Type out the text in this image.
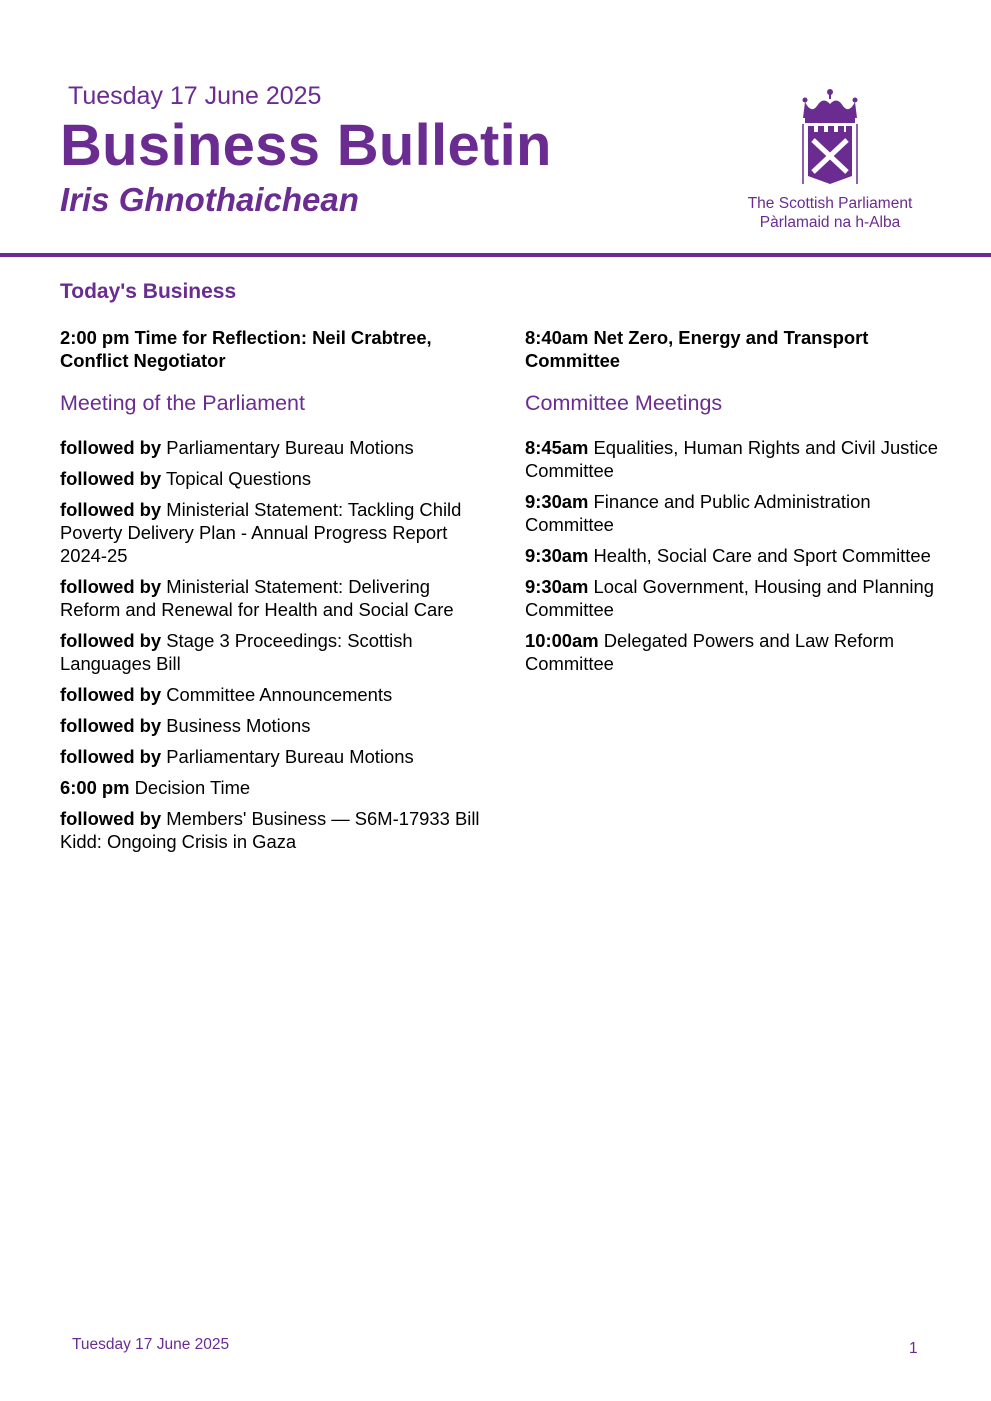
Tuesday 17 June 2025
Business Bulletin
Iris Ghnothaichean	The Scottish Parliament
Pàrlamaid na h-Alba
Today's Business
2:00 pm Time for Reflection: Neil Crabtree, Conflict Negotiator
Meeting of the Parliament
followed by Parliamentary Bureau Motions
followed by Topical Questions
followed by Ministerial Statement: Tackling Child Poverty Delivery Plan - Annual Progress Report 2024-25
followed by Ministerial Statement: Delivering Reform and Renewal for Health and Social Care
followed by Stage 3 Proceedings: Scottish Languages Bill
followed by Committee Announcements
followed by Business Motions
followed by Parliamentary Bureau Motions
6:00 pm Decision Time
followed by Members' Business — S6M-17933 Bill Kidd: Ongoing Crisis in Gaza
8:40am Net Zero, Energy and Transport Committee
Committee Meetings
8:45am Equalities, Human Rights and Civil Justice Committee
9:30am Finance and Public Administration Committee
9:30am Health, Social Care and Sport Committee
9:30am Local Government, Housing and Planning Committee
10:00am Delegated Powers and Law Reform Committee
Tuesday 17 June 2025	1
